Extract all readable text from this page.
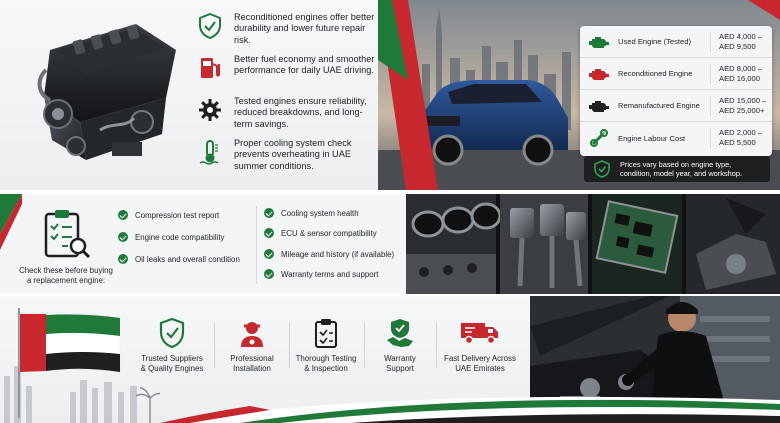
Reconditioned engines offer better durability and lower future repair risk.
Better fuel economy and smoother performance for daily UAE driving.
Tested engines ensure reliability, reduced breakdowns, and long-term savings.
Proper cooling system check prevents overheating in UAE summer conditions.
Used Engine (Tested)
AED 4,000 –
AED 9,500
Reconditioned Engine
AED 8,000 –
AED 16,000
Remanufactured Engine
AED 15,000 –
AED 25,000+
Engine Labour Cost
AED 2,000 –
AED 5,500
Prices vary based on engine type,
condition, model year, and workshop.
Compression test report
Engine code compatibility
Oil leaks and overall condition
Cooling system health
ECU & sensor compatibility
Mileage and history (if available)
Warranty terms and support
Check these before buying
a replacement engine:
Trusted Suppliers
& Quality Engines
Professional
Installation
Thorough Testing
& Inspection
Warranty
Support
Fast Delivery Across
UAE Emirates
